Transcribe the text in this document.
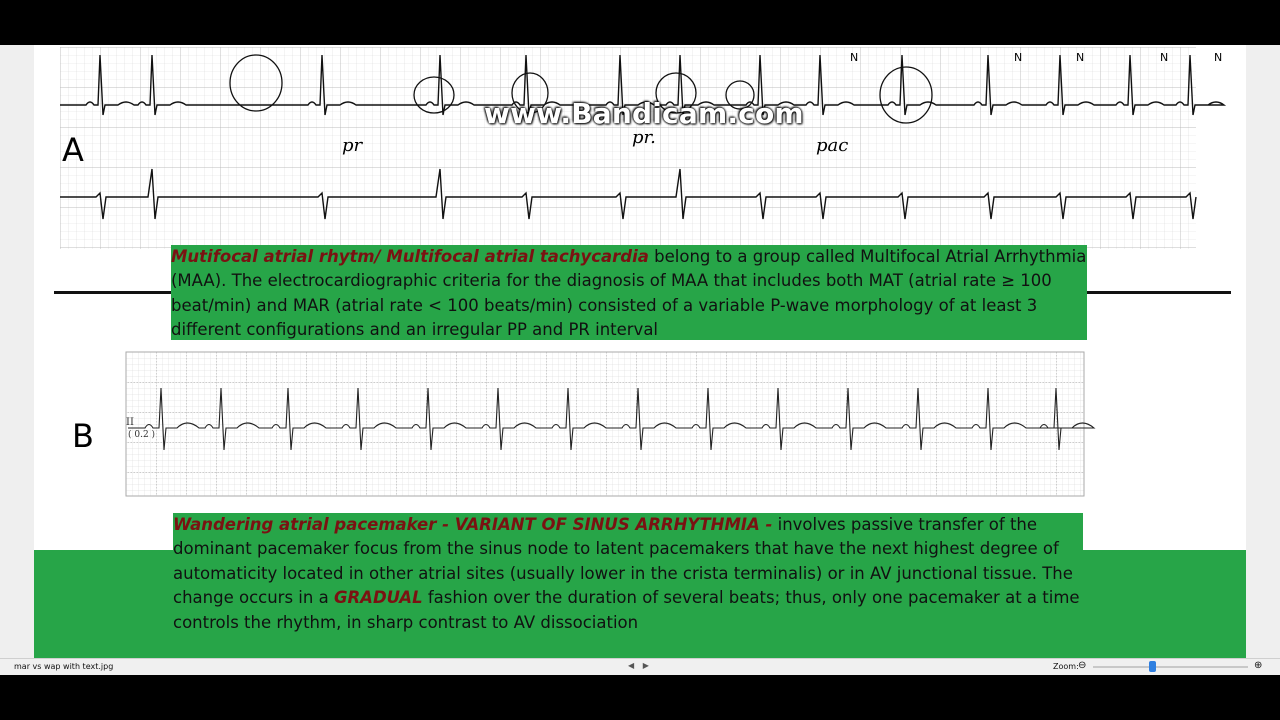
N	N	N	N	N
pr	pr.	pac
A

Mutifocal atrial rhytm/ Multifocal atrial tachycardia belong to a group called Multifocal Atrial Arrhythmia (MAA). The electrocardiographic criteria for the diagnosis of MAA that includes both MAT (atrial rate ≥ 100 beat/min) and MAR (atrial rate < 100 beats/min) consisted of a variable P-wave morphology of at least 3 different configurations and an irregular PP and PR interval

II
( 0.2 )
B

Wandering atrial pacemaker - VARIANT OF SINUS ARRHYTHMIA - involves passive transfer of the dominant pacemaker focus from the sinus node to latent pacemakers that have the next highest degree of automaticity located in other atrial sites (usually lower in the crista terminalis) or in AV junctional tissue. The change occurs in a GRADUAL fashion over the duration of several beats; thus, only one pacemaker at a time controls the rhythm, in sharp contrast to AV dissociation

www.Bandicam.com
mar vs wap with text.jpg	◀ ▶	Zoom: ⊖	⊕
